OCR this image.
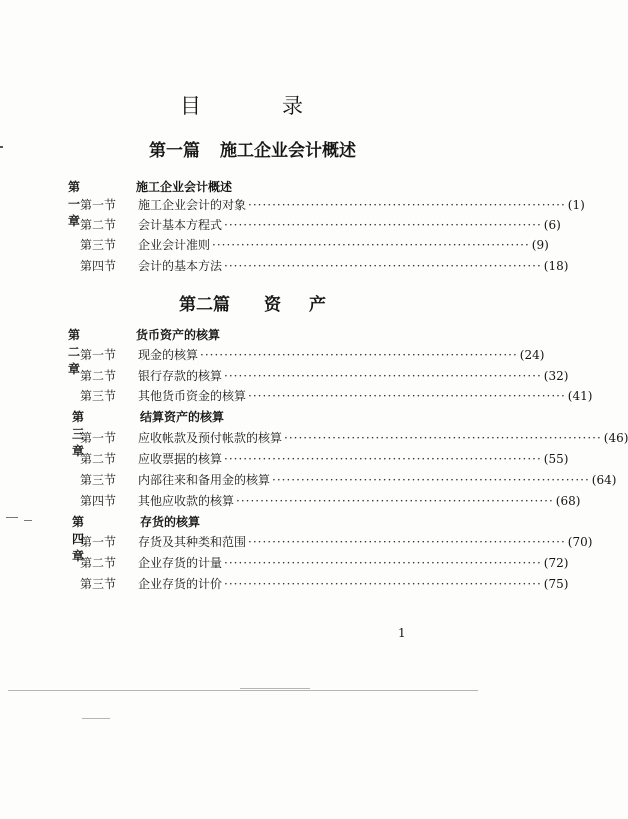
目	录
第一篇 施工企业会计概述
第一章
施工企业会计概述
第一节	施工企业会计的对象 ·································································· (1)
第二节	会计基本方程式 ·································································· (6)
第三节	企业会计准则 ·································································· (9)
第四节	会计的基本方法 ·································································· (18)
第二篇 资 产
第二章
货币资产的核算
第一节	现金的核算 ·································································· (24)
第二节	银行存款的核算 ·································································· (32)
第三节	其他货币资金的核算 ·································································· (41)
第三章
结算资产的核算
第一节	应收帐款及预付帐款的核算 ·································································· (46)
第二节	应收票据的核算 ·································································· (55)
第三节	内部往来和备用金的核算 ·································································· (64)
第四节	其他应收款的核算 ·································································· (68)
第四章
存货的核算
第一节	存货及其种类和范围 ·································································· (70)
第二节	企业存货的计量 ·································································· (72)
第三节	企业存货的计价 ·································································· (75)
1
